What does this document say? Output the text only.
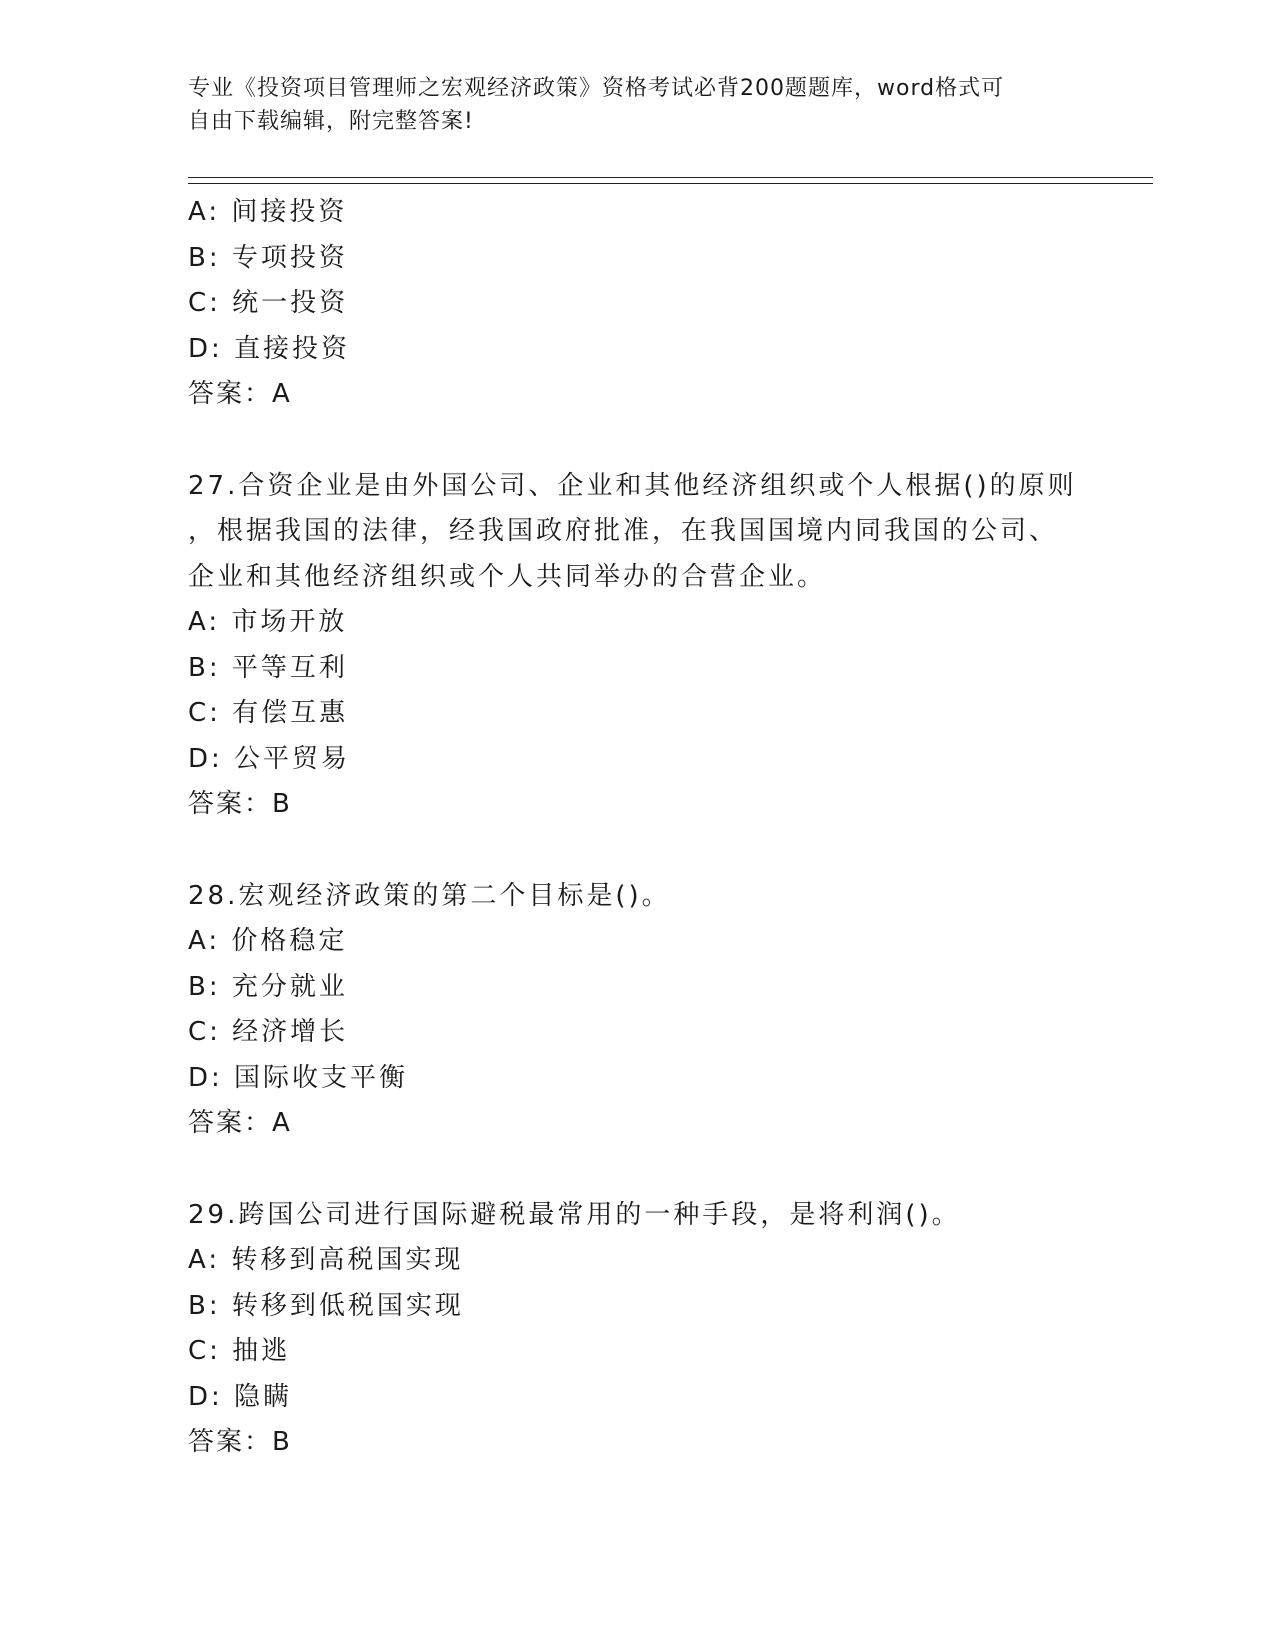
专业《投资项目管理师之宏观经济政策》资格考试必背200题题库，word格式可
自由下载编辑，附完整答案!
A: 间接投资
B: 专项投资
C: 统一投资
D: 直接投资
答案：A
27.合资企业是由外国公司、企业和其他经济组织或个人根据()的原则
，根据我国的法律，经我国政府批准，在我国国境内同我国的公司、
企业和其他经济组织或个人共同举办的合营企业。
A: 市场开放
B: 平等互利
C: 有偿互惠
D: 公平贸易
答案：B
28.宏观经济政策的第二个目标是()。
A: 价格稳定
B: 充分就业
C: 经济增长
D: 国际收支平衡
答案：A
29.跨国公司进行国际避税最常用的一种手段，是将利润()。
A: 转移到高税国实现
B: 转移到低税国实现
C: 抽逃
D: 隐瞒
答案：B
